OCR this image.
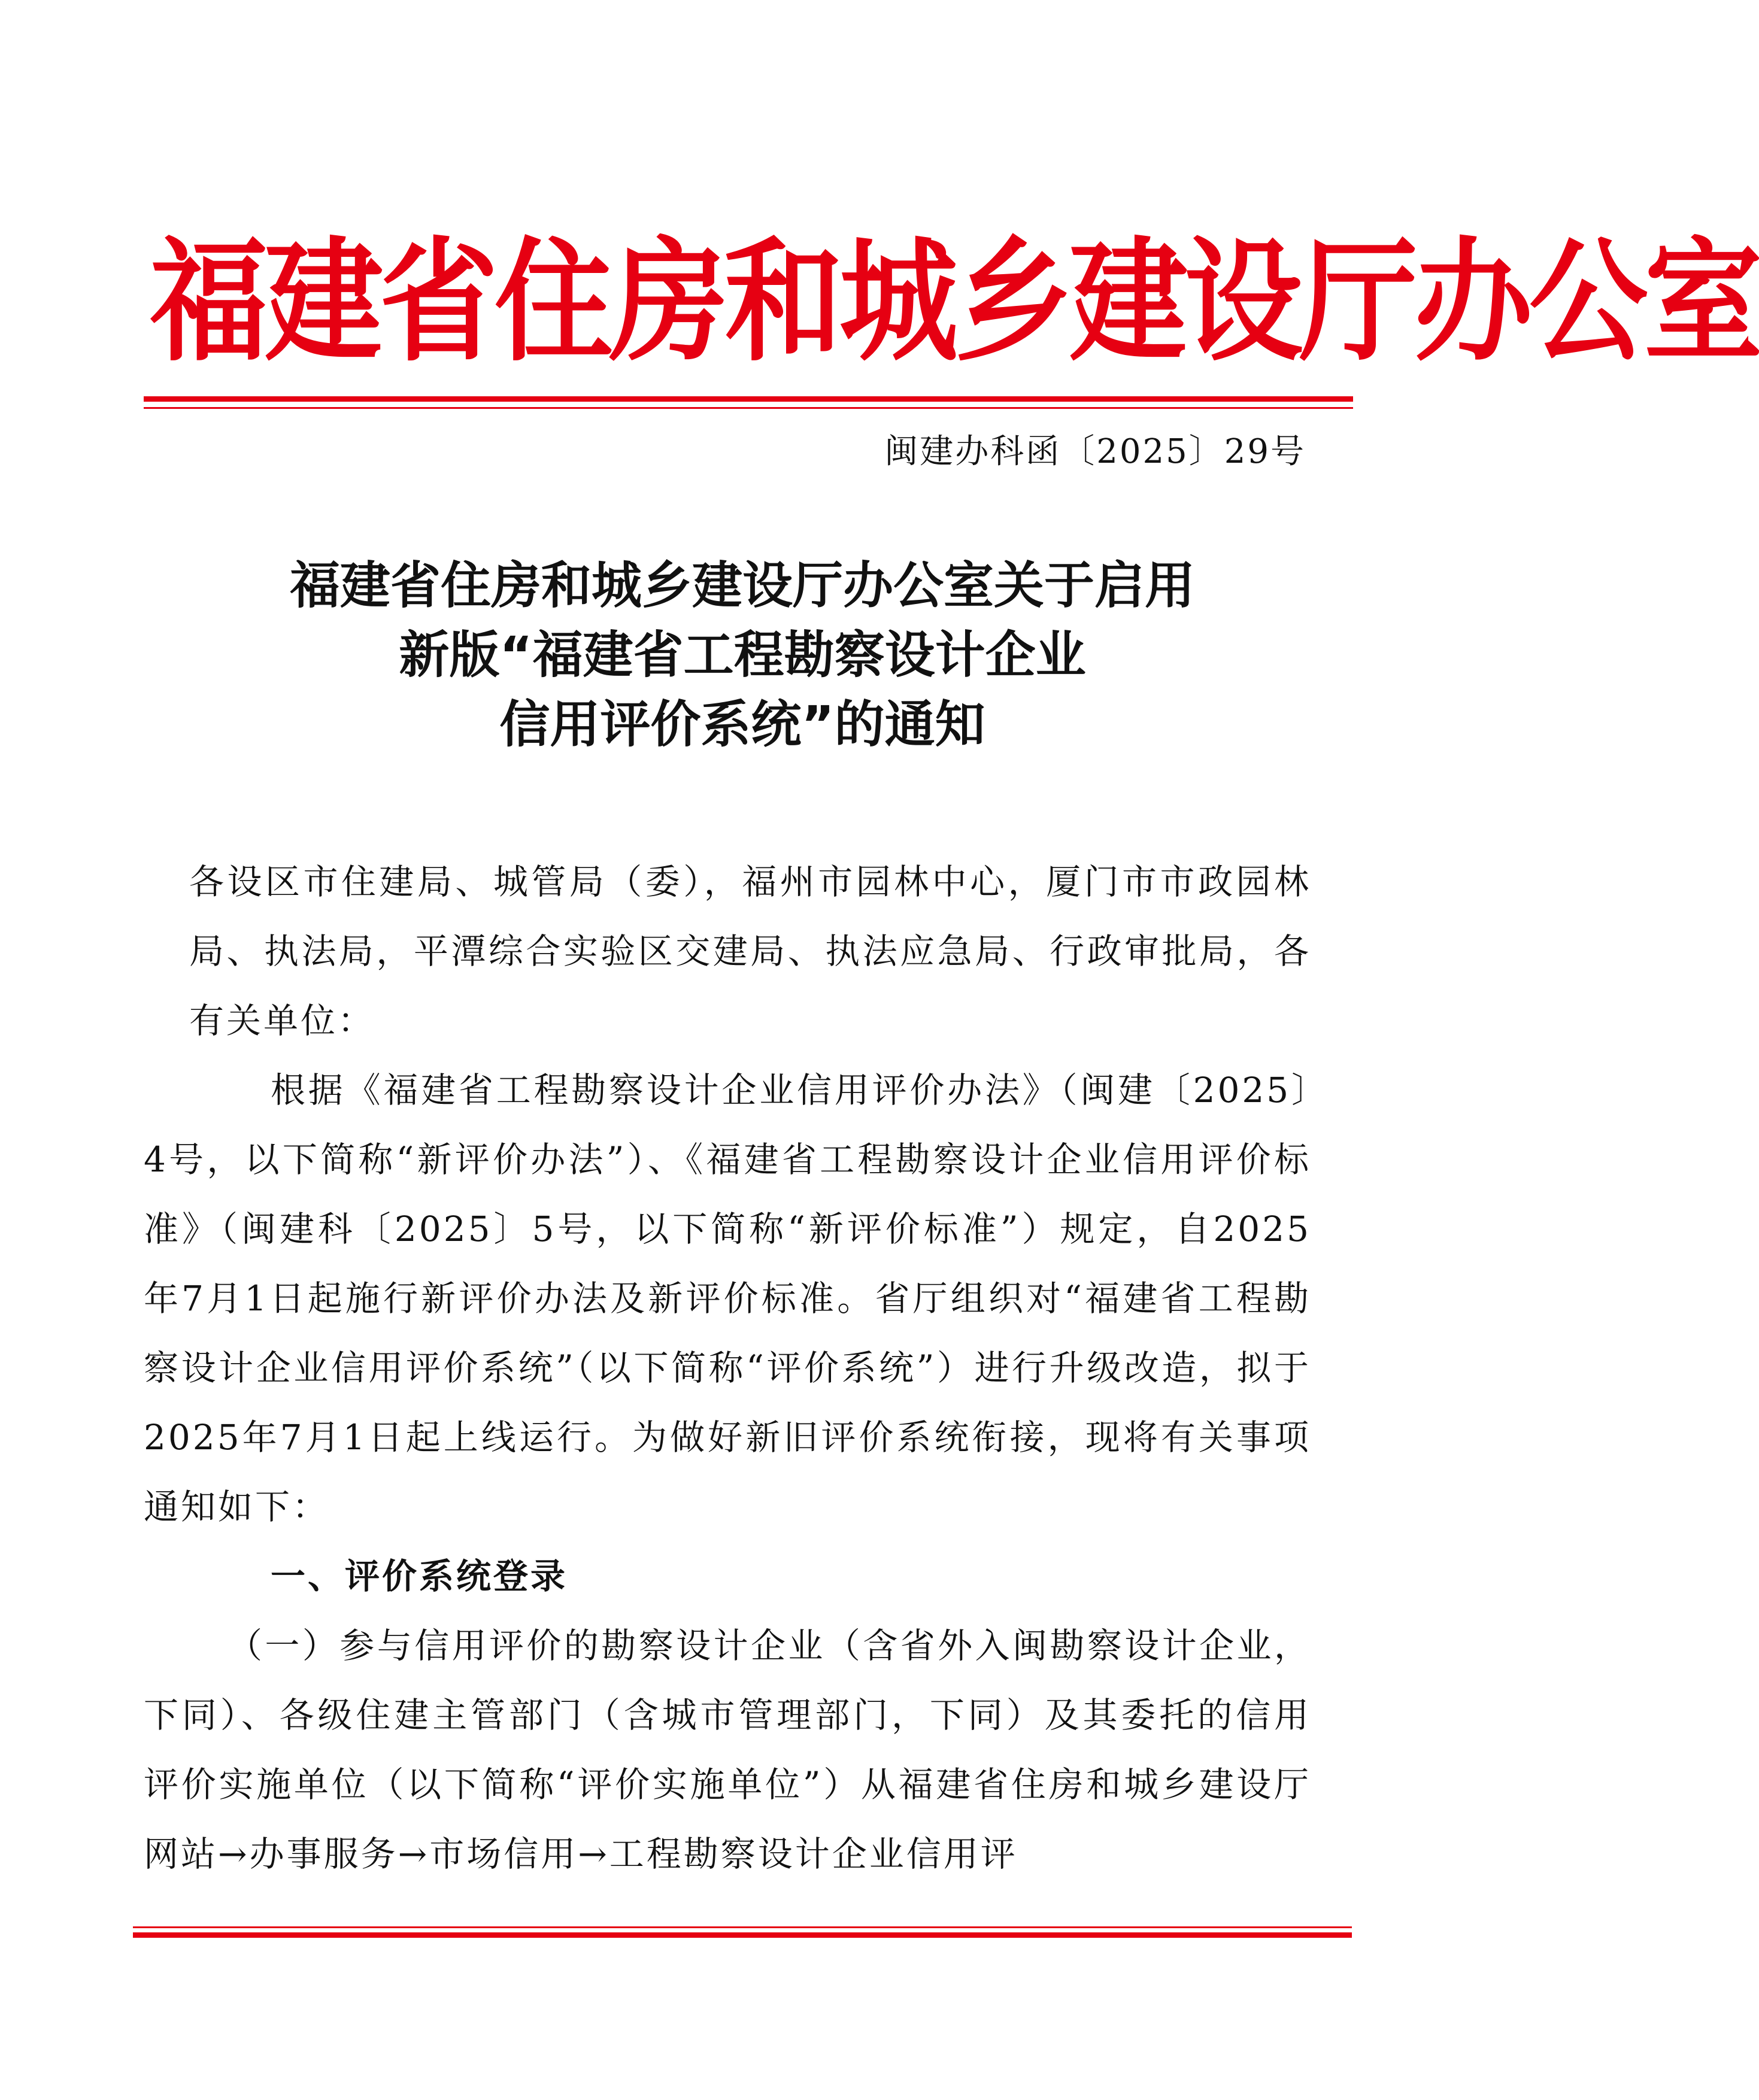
福建省住房和城乡建设厅办公室
闽建办科函〔2025〕29号
福建省住房和城乡建设厅办公室关于启用
新版“福建省工程勘察设计企业
信用评价系统”的通知

各设区市住建局、城管局（委），福州市园林中心，厦门市市政园林局、执法局，平潭综合实验区交建局、执法应急局、行政审批局，各有关单位：

根据《福建省工程勘察设计企业信用评价办法》（闽建〔2025〕4号，以下简称“新评价办法”）、《福建省工程勘察设计企业信用评价标准》（闽建科〔2025〕5号，以下简称“新评价标准”）规定，自2025年7月1日起施行新评价办法及新评价标准。省厅组织对“福建省工程勘察设计企业信用评价系统”（以下简称“评价系统”）进行升级改造，拟于2025年7月1日起上线运行。为做好新旧评价系统衔接，现将有关事项通知如下：

一、评价系统登录

（一）参与信用评价的勘察设计企业（含省外入闽勘察设计企业，下同）、各级住建主管部门（含城市管理部门，下同）及其委托的信用评价实施单位（以下简称“评价实施单位”）从福建省住房和城乡建设厅网站→办事服务→市场信用→工程勘察设计企业信用评
